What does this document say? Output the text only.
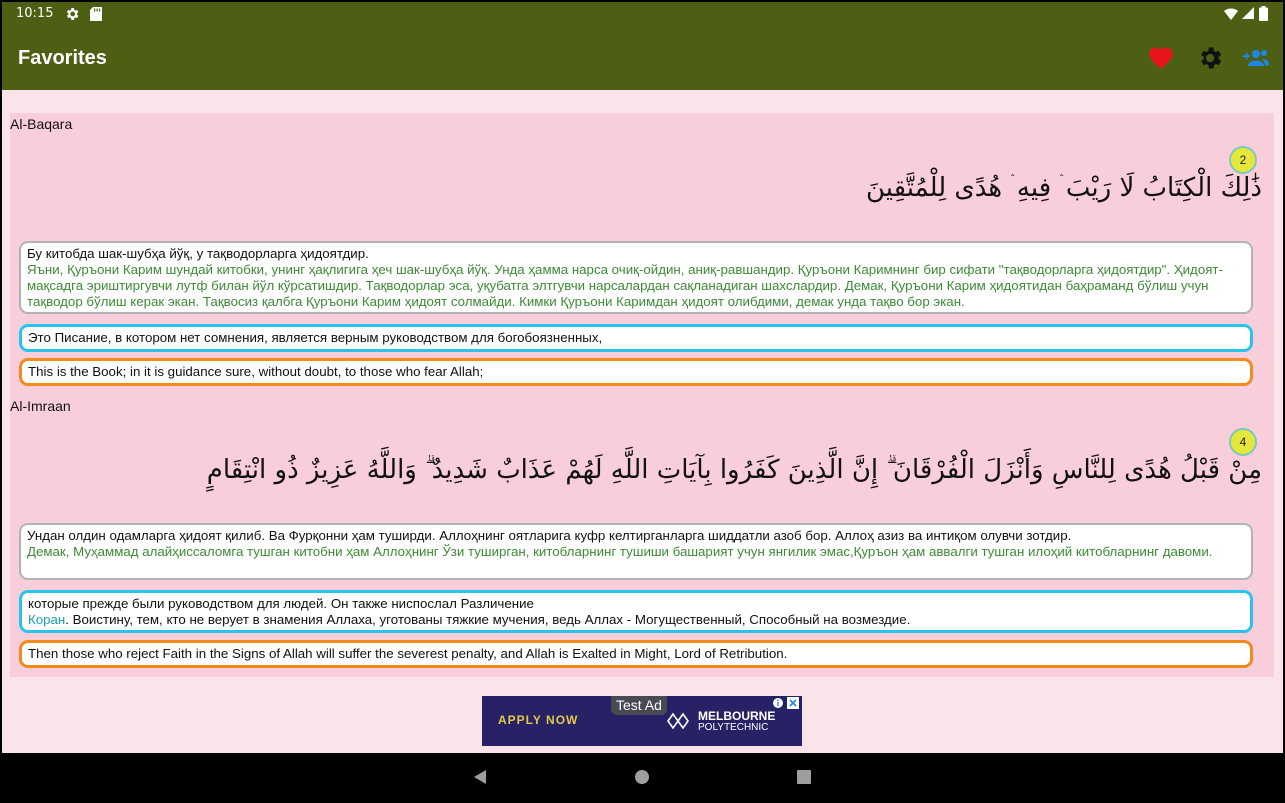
10:15
Favorites
Al-Baqara
2
ذَٰلِكَ الْكِتَابُ لَا رَيْبَ ۛ فِيهِ ۛ هُدًى لِلْمُتَّقِينَ
Бу китобда шак-шубҳа йўқ, у тақводорларга ҳидоятдир.
Яъни, Қуръони Карим шундай китобки, унинг ҳақлигига ҳеч шак-шубҳа йўқ. Унда ҳамма нарса очиқ-ойдин, аниқ-равшандир. Қуръони Каримнинг бир сифати "тақводорларга ҳидоятдир". Ҳидоят-мақсадга эриштиргувчи лутф билан йўл кўрсатишдир. Тақводорлар эса, уқубатга элтгувчи нарсалардан сақланадиган шахслардир. Демак, Қуръони Карим ҳидоятидан баҳраманд бўлиш учун тақводор бўлиш керак экан. Тақвосиз қалбга Қуръони Карим ҳидоят солмайди. Кимки Қуръони Каримдан ҳидоят олибдими, демак унда тақво бор экан.
Это Писание, в котором нет сомнения, является верным руководством для богобоязненных,
This is the Book; in it is guidance sure, without doubt, to those who fear Allah;
Al-Imraan
4
مِنْ قَبْلُ هُدًى لِلنَّاسِ وَأَنْزَلَ الْفُرْقَانَ ۗ إِنَّ الَّذِينَ كَفَرُوا بِآيَاتِ اللَّهِ لَهُمْ عَذَابٌ شَدِيدٌ ۗ وَاللَّهُ عَزِيزٌ ذُو انْتِقَامٍ
Ундан олдин одамларга ҳидоят қилиб. Ва Фурқонни ҳам туширди. Аллоҳнинг оятларига куфр келтирганларга шиддатли азоб бор. Аллоҳ азиз ва интиқом олувчи зотдир.
Демак, Муҳаммад алайҳиссаломга тушган китобни ҳам Аллоҳнинг Ўзи туширган, китобларнинг тушиши башарият учун янгилик эмас,Қуръон ҳам аввалги тушган илоҳий китобларнинг давоми.
которые прежде были руководством для людей. Он также ниспослал Различение
Коран. Воистину, тем, кто не верует в знамения Аллаха, уготованы тяжкие мучения, ведь Аллах - Могущественный, Способный на возмездие.
Then those who reject Faith in the Signs of Allah will suffer the severest penalty, and Allah is Exalted in Might, Lord of Retribution.
APPLY NOW
Test Ad
MELBOURNE
POLYTECHNIC
